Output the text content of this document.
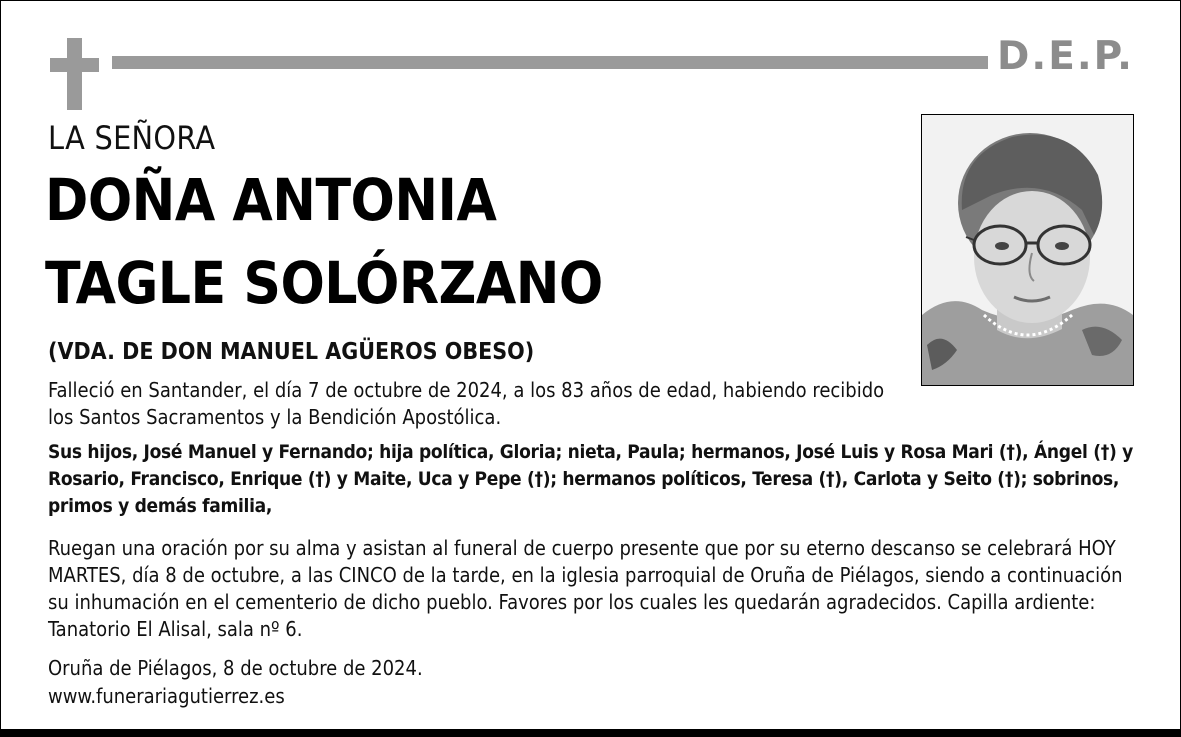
D.E.P.
LA SEÑORA
DOÑA ANTONIA
TAGLE SOLÓRZANO
(VDA. DE DON MANUEL AGÜEROS OBESO)
Falleció en Santander, el día 7 de octubre de 2024, a los 83 años de edad, habiendo recibido los Santos Sacramentos y la Bendición Apostólica.
Sus hijos, José Manuel y Fernando; hija política, Gloria; nieta, Paula; hermanos, José Luis y Rosa Mari (†), Ángel (†) y Rosario, Francisco, Enrique (†) y Maite, Uca y Pepe (†); hermanos políticos, Teresa (†), Carlota y Seito (†); sobrinos, primos y demás familia,
Ruegan una oración por su alma y asistan al funeral de cuerpo presente que por su eterno descanso se celebrará HOY MARTES, día 8 de octubre, a las CINCO de la tarde, en la iglesia parroquial de Oruña de Piélagos, siendo a continuación su inhumación en el cementerio de dicho pueblo. Favores por los cuales les quedarán agradecidos. Capilla ardiente: Tanatorio El Alisal, sala nº 6.
Oruña de Piélagos, 8 de octubre de 2024.
www.funerariagutierrez.es
